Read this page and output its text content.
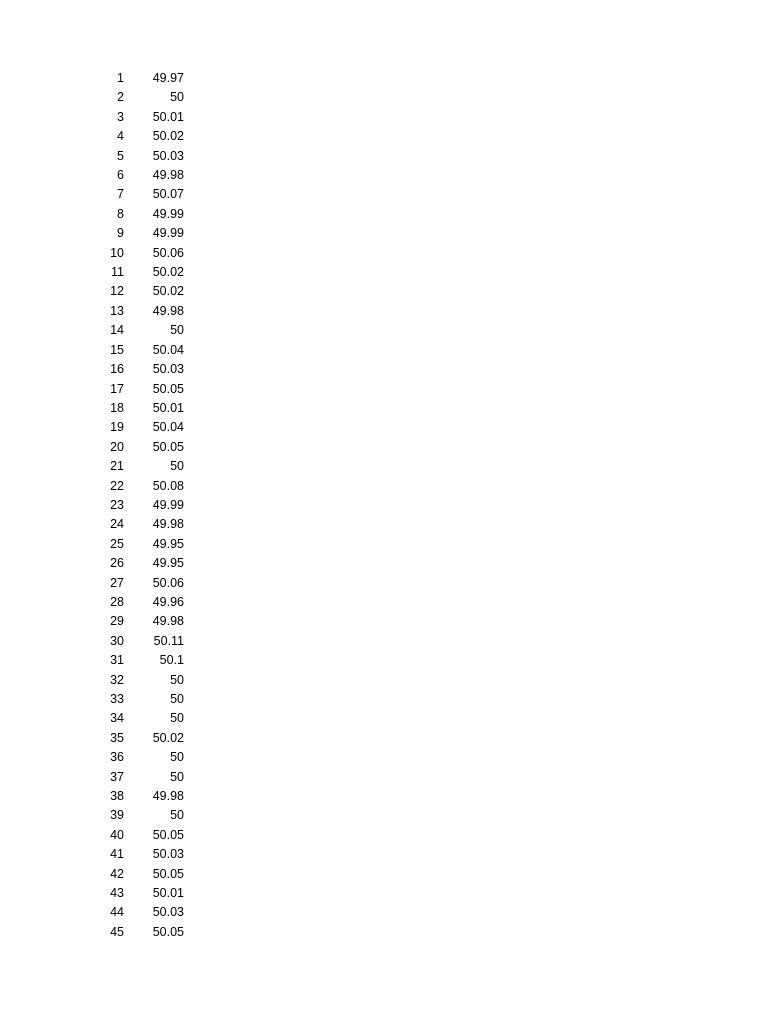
1	49.97
2	50
3	50.01
4	50.02
5	50.03
6	49.98
7	50.07
8	49.99
9	49.99
10	50.06
11	50.02
12	50.02
13	49.98
14	50
15	50.04
16	50.03
17	50.05
18	50.01
19	50.04
20	50.05
21	50
22	50.08
23	49.99
24	49.98
25	49.95
26	49.95
27	50.06
28	49.96
29	49.98
30	50.11
31	50.1
32	50
33	50
34	50
35	50.02
36	50
37	50
38	49.98
39	50
40	50.05
41	50.03
42	50.05
43	50.01
44	50.03
45	50.05
